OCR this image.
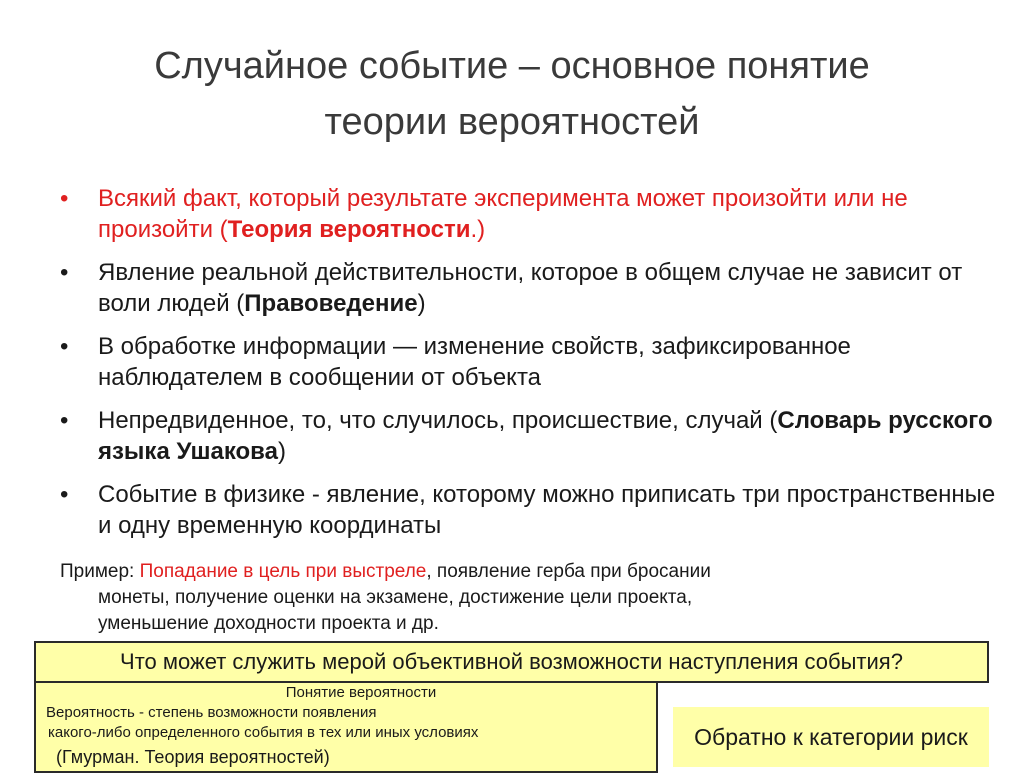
Случайное событие – основное понятие
теории вероятностей
• Всякий факт, который результате эксперимента может произойти или не произойти (Теория вероятности.)
• Явление реальной действительности, которое в общем случае не зависит от воли людей (Правоведение)
• В обработке информации — изменение свойств, зафиксированное наблюдателем в сообщении от объекта
• Непредвиденное, то, что случилось, происшествие, случай (Словарь русского языка Ушакова)
• Событие в физике - явление, которому можно приписать три пространственные и одну временную координаты
Пример: Попадание в цель при выстреле, появление герба при бросании
монеты, получение оценки на экзамене, достижение цели проекта,
уменьшение доходности проекта и др.
Что может служить мерой объективной возможности наступления события?
Понятие вероятности
Вероятность - степень возможности появления
какого-либо определенного события в тех или иных условиях
(Гмурман. Теория вероятностей)
Обратно к категории риск
